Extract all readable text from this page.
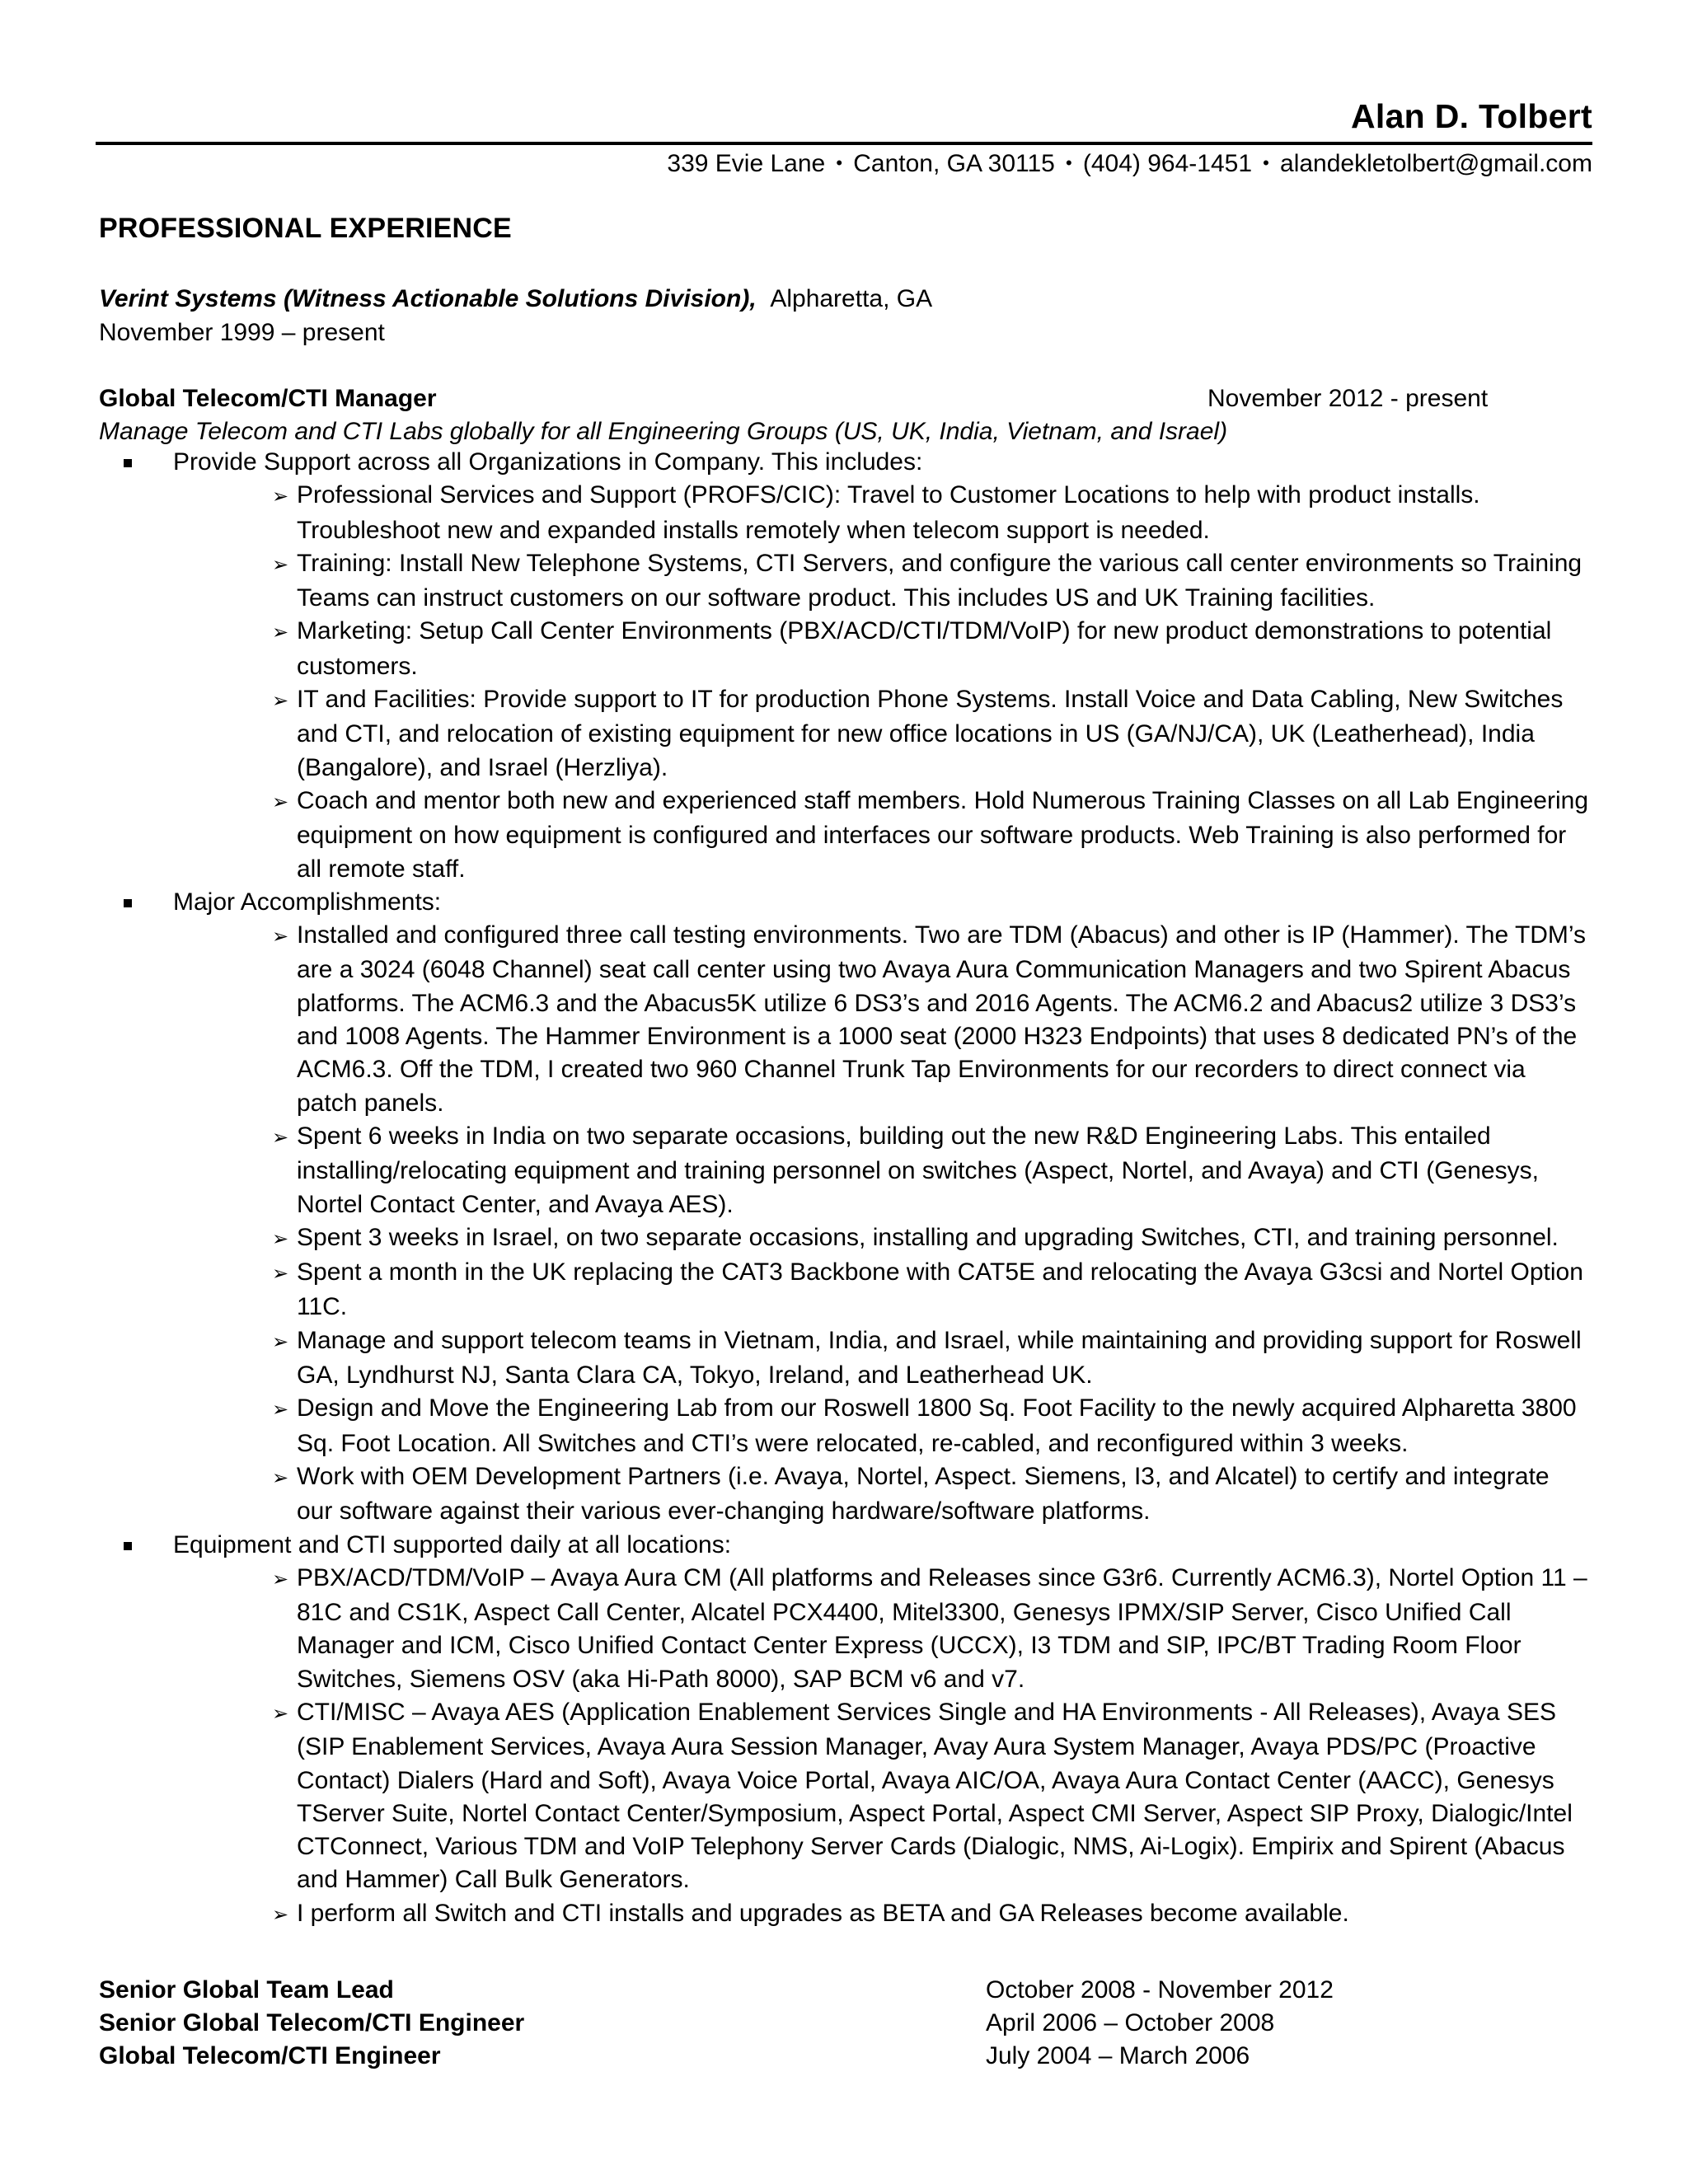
Alan D. Tolbert
339 Evie Lane • Canton, GA 30115 • (404) 964-1451 • alandekletolbert@gmail.com
PROFESSIONAL EXPERIENCE
Verint Systems (Witness Actionable Solutions Division), Alpharetta, GA
November 1999 – present
Global Telecom/CTI Manager	November 2012 - present
Manage Telecom and CTI Labs globally for all Engineering Groups (US, UK, India, Vietnam, and Israel)
Provide Support across all Organizations in Company. This includes:
➢ Professional Services and Support (PROFS/CIC): Travel to Customer Locations to help with product installs. Troubleshoot new and expanded installs remotely when telecom support is needed.
➢ Training: Install New Telephone Systems, CTI Servers, and configure the various call center environments so Training Teams can instruct customers on our software product. This includes US and UK Training facilities.
➢ Marketing: Setup Call Center Environments (PBX/ACD/CTI/TDM/VoIP) for new product demonstrations to potential customers.
➢ IT and Facilities: Provide support to IT for production Phone Systems. Install Voice and Data Cabling, New Switches and CTI, and relocation of existing equipment for new office locations in US (GA/NJ/CA), UK (Leatherhead), India (Bangalore), and Israel (Herzliya).
➢ Coach and mentor both new and experienced staff members. Hold Numerous Training Classes on all Lab Engineering equipment on how equipment is configured and interfaces our software products. Web Training is also performed for all remote staff.
Major Accomplishments:
➢ Installed and configured three call testing environments. Two are TDM (Abacus) and other is IP (Hammer). The TDM’s are a 3024 (6048 Channel) seat call center using two Avaya Aura Communication Managers and two Spirent Abacus platforms. The ACM6.3 and the Abacus5K utilize 6 DS3’s and 2016 Agents. The ACM6.2 and Abacus2 utilize 3 DS3’s and 1008 Agents. The Hammer Environment is a 1000 seat (2000 H323 Endpoints) that uses 8 dedicated PN’s of the ACM6.3. Off the TDM, I created two 960 Channel Trunk Tap Environments for our recorders to direct connect via patch panels.
➢ Spent 6 weeks in India on two separate occasions, building out the new R&D Engineering Labs. This entailed installing/relocating equipment and training personnel on switches (Aspect, Nortel, and Avaya) and CTI (Genesys, Nortel Contact Center, and Avaya AES).
➢ Spent 3 weeks in Israel, on two separate occasions, installing and upgrading Switches, CTI, and training personnel.
➢ Spent a month in the UK replacing the CAT3 Backbone with CAT5E and relocating the Avaya G3csi and Nortel Option 11C.
➢ Manage and support telecom teams in Vietnam, India, and Israel, while maintaining and providing support for Roswell GA, Lyndhurst NJ, Santa Clara CA, Tokyo, Ireland, and Leatherhead UK.
➢ Design and Move the Engineering Lab from our Roswell 1800 Sq. Foot Facility to the newly acquired Alpharetta 3800 Sq. Foot Location. All Switches and CTI’s were relocated, re-cabled, and reconfigured within 3 weeks.
➢ Work with OEM Development Partners (i.e. Avaya, Nortel, Aspect. Siemens, I3, and Alcatel) to certify and integrate our software against their various ever-changing hardware/software platforms.
Equipment and CTI supported daily at all locations:
➢ PBX/ACD/TDM/VoIP – Avaya Aura CM (All platforms and Releases since G3r6. Currently ACM6.3), Nortel Option 11 – 81C and CS1K, Aspect Call Center, Alcatel PCX4400, Mitel3300, Genesys IPMX/SIP Server, Cisco Unified Call Manager and ICM, Cisco Unified Contact Center Express (UCCX), I3 TDM and SIP, IPC/BT Trading Room Floor Switches, Siemens OSV (aka Hi-Path 8000), SAP BCM v6 and v7.
➢ CTI/MISC – Avaya AES (Application Enablement Services Single and HA Environments - All Releases), Avaya SES (SIP Enablement Services, Avaya Aura Session Manager, Avay Aura System Manager, Avaya PDS/PC (Proactive Contact) Dialers (Hard and Soft), Avaya Voice Portal, Avaya AIC/OA, Avaya Aura Contact Center (AACC), Genesys TServer Suite, Nortel Contact Center/Symposium, Aspect Portal, Aspect CMI Server, Aspect SIP Proxy, Dialogic/Intel CTConnect, Various TDM and VoIP Telephony Server Cards (Dialogic, NMS, Ai-Logix). Empirix and Spirent (Abacus and Hammer) Call Bulk Generators.
➢ I perform all Switch and CTI installs and upgrades as BETA and GA Releases become available.
Senior Global Team Lead	October 2008 - November 2012
Senior Global Telecom/CTI Engineer	April 2006 – October 2008
Global Telecom/CTI Engineer	July 2004 – March 2006
